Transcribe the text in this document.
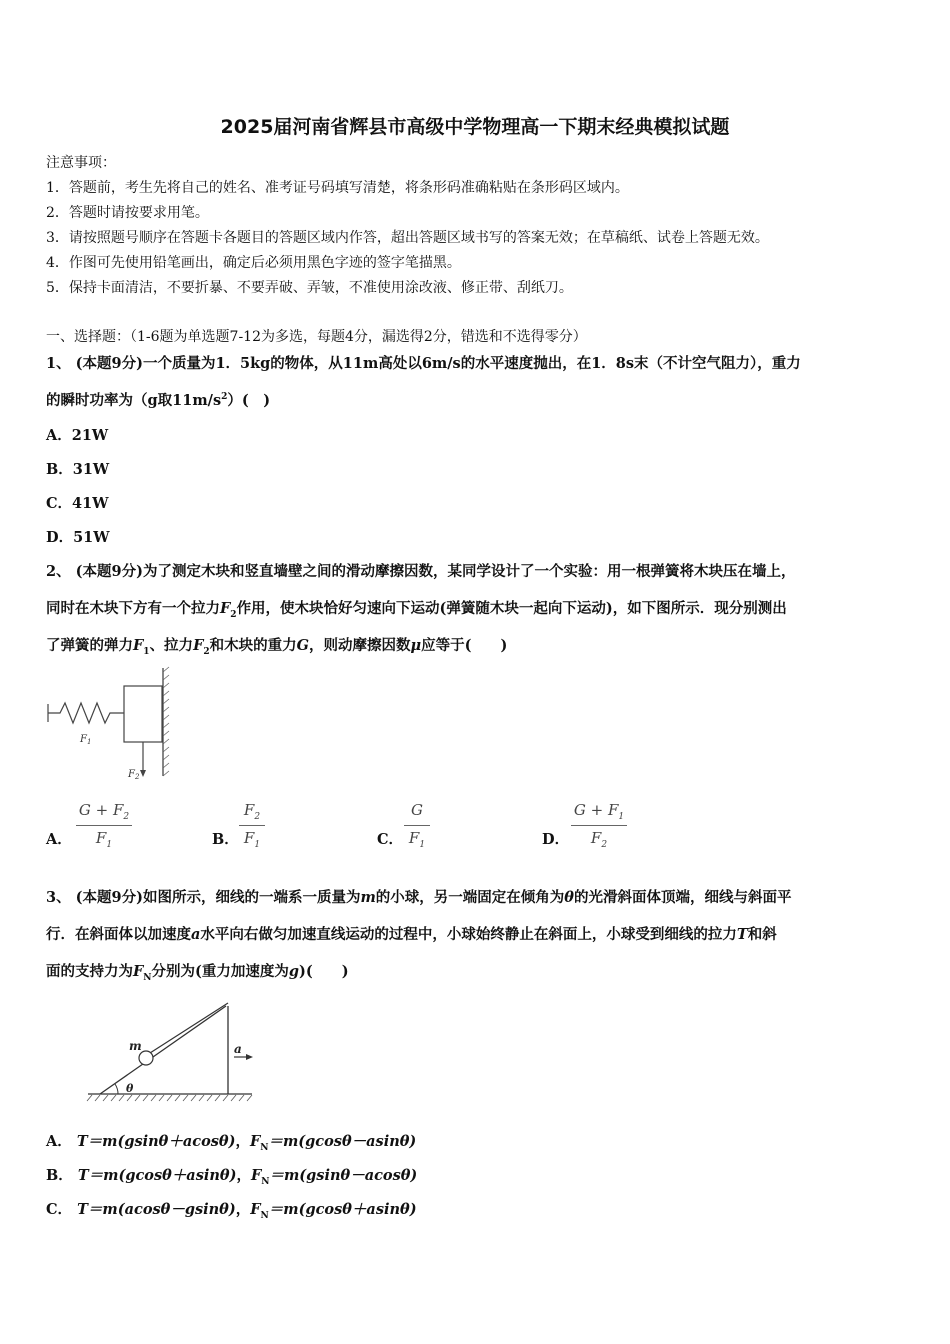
2025届河南省辉县市高级中学物理高一下期末经典模拟试题
注意事项：
1．答题前，考生先将自己的姓名、准考证号码填写清楚，将条形码准确粘贴在条形码区域内。
2．答题时请按要求用笔。
3．请按照题号顺序在答题卡各题目的答题区域内作答，超出答题区域书写的答案无效；在草稿纸、试卷上答题无效。
4．作图可先使用铅笔画出，确定后必须用黑色字迹的签字笔描黑。
5．保持卡面清洁，不要折暴、不要弄破、弄皱，不准使用涂改液、修正带、刮纸刀。
一、选择题：（1-6题为单选题7-12为多选，每题4分，漏选得2分，错选和不选得零分）
1、 (本题9分)一个质量为1．5kg的物体，从11m高处以6m/s的水平速度抛出，在1．8s末（不计空气阻力），重力
的瞬时功率为（g取$11m/s^2$）(　)
A．21W
B．31W
C．41W
D．51W
2、 (本题9分)为了测定木块和竖直墙壁之间的滑动摩擦因数，某同学设计了一个实验：用一根弹簧将木块压在墙上，
同时在木块下方有一个拉力$F_2$作用，使木块恰好匀速向下运动(弹簧随木块一起向下运动)，如下图所示．现分别测出
了弹簧的弹力$F_1$、拉力$F_2$和木块的重力G，则动摩擦因数μ应等于(　　)
$F_1$
$F_2$
A．
$G + F_2$
$F_1$	B．
$F_2$
$F_1$	C．
G
$F_1$	D．
$G + F_1$
$F_2$
3、 (本题9分)如图所示，细线的一端系一质量为m的小球，另一端固定在倾角为θ的光滑斜面体顶端，细线与斜面平
行．在斜面体以加速度a水平向右做匀加速直线运动的过程中，小球始终静止在斜面上，小球受到细线的拉力T和斜
面的支持力为$F_N$分别为(重力加速度为g)(　　)
θ
m	a
A． T＝m(gsinθ＋acosθ)，$F_N=m(gcos\theta-asin\theta)$
B． T＝m(gcosθ＋asinθ)，$F_N=m(gsin\theta-acos\theta)$
C． T＝m(acosθ－gsinθ)，$F_N=m(gcos\theta+asin\theta)$
